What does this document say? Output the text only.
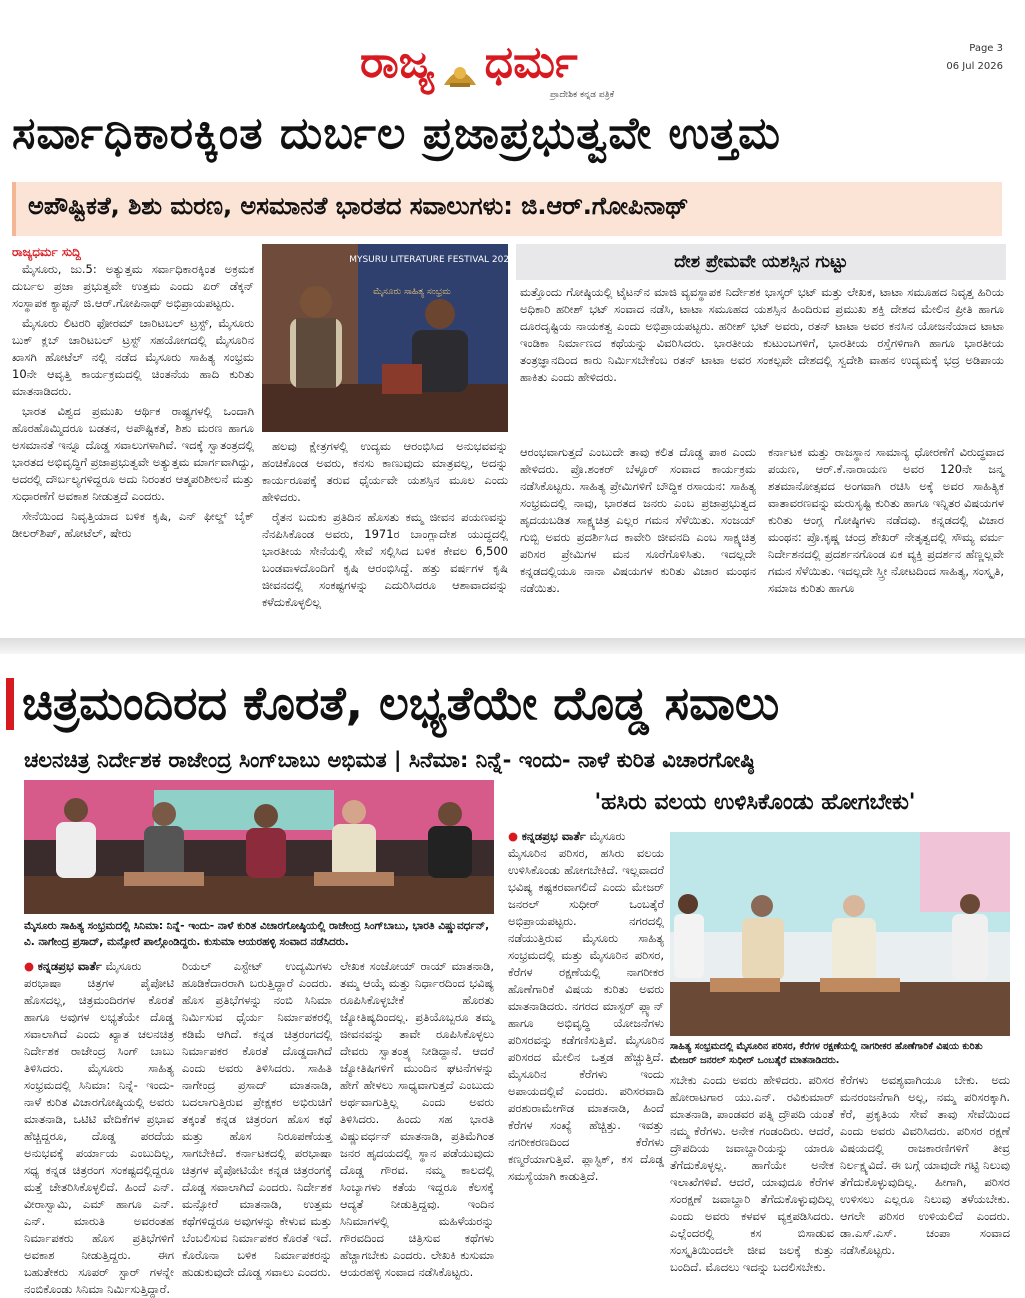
ರಾಜ್ಯ ಧರ್ಮ
ಪ್ರಾದೇಶಿಕ ಕನ್ನಡ ಪತ್ರಿಕೆ
Page 3
06 Jul 2026
ಸರ್ವಾಧಿಕಾರಕ್ಕಿಂತ ದುರ್ಬಲ ಪ್ರಜಾಪ್ರಭುತ್ವವೇ ಉತ್ತಮ
ಅಪೌಷ್ಟಿಕತೆ, ಶಿಶು ಮರಣ, ಅಸಮಾನತೆ ಭಾರತದ ಸವಾಲುಗಳು: ಜಿ.ಆರ್.ಗೋಪಿನಾಥ್
ರಾಜ್ಯಧರ್ಮ ಸುದ್ದಿ

ಮೈಸೂರು, ಜು.5: ಅತ್ಯುತ್ತಮ ಸರ್ವಾಧಿಕಾರಕ್ಕಿಂತ ಅಕ್ರಮಕ ದುರ್ಬಲ ಪ್ರಜಾ ಪ್ರಭುತ್ವವೇ ಉತ್ತಮ ಎಂದು ಏರ್ ಡೆಕ್ಕನ್ ಸಂಸ್ಥಾಪಕ ಕ್ಯಾಪ್ಟನ್ ಜಿ.ಆರ್.ಗೋಪಿನಾಥ್ ಅಭಿಪ್ರಾಯಪಟ್ಟರು.

ಮೈಸೂರು ಲಿಟರರಿ ಫೋರಮ್ ಚಾರಿಟಬಲ್ ಟ್ರಸ್ಟ್, ಮೈಸೂರು ಬುಕ್ ಕ್ಲಬ್ ಚಾರಿಟಬಲ್ ಟ್ರಸ್ಟ್ ಸಹಯೋಗದಲ್ಲಿ ಮೈಸೂರಿನ ಖಾಸಗಿ ಹೋಟೆಲ್ ನಲ್ಲಿ ನಡೆದ ಮೈಸೂರು ಸಾಹಿತ್ಯ ಸಂಭ್ರಮ 10ನೇ ಆವೃತ್ತಿ ಕಾರ್ಯಕ್ರಮದಲ್ಲಿ ಚಿಂತನೆಯ ಹಾದಿ ಕುರಿತು ಮಾತನಾಡಿದರು.

ಭಾರತ ವಿಶ್ವದ ಪ್ರಮುಖ ಆರ್ಥಿಕ ರಾಷ್ಟ್ರಗಳಲ್ಲಿ ಒಂದಾಗಿ ಹೊರಹೊಮ್ಮಿದರೂ ಬಡತನ, ಅಪೌಷ್ಟಿಕತೆ, ಶಿಶು ಮರಣ ಹಾಗೂ ಅಸಮಾನತೆ ಇನ್ನೂ ದೊಡ್ಡ ಸವಾಲುಗಳಾಗಿವೆ. ಇದಕ್ಕೆ ಸ್ವಾತಂತ್ರದಲ್ಲಿ ಭಾರತದ ಅಭಿವೃದ್ಧಿಗೆ ಪ್ರಜಾಪ್ರಭುತ್ವವೇ ಅತ್ಯುತ್ತಮ ಮಾರ್ಗವಾಗಿದ್ದು, ಅದರಲ್ಲಿ ದೌರ್ಬಲ್ಯಗಳಿದ್ದರೂ ಅದು ನಿರಂತರ ಆತ್ಮಪರಿಶೀಲನೆ ಮತ್ತು ಸುಧಾರಣೆಗೆ ಅವಕಾಶ ನೀಡುತ್ತದೆ ಎಂದರು.

ಸೇನೆಯಿಂದ ನಿವೃತ್ತಿಯಾದ ಬಳಿಕ ಕೃಷಿ, ಎನ್ ಫೀಲ್ಡ್ ಬೈಕ್ ಡೀಲರ್‌ಶಿಪ್, ಹೋಟೆಲ್, ಷೇರು

MYSURU LITERATURE FESTIVAL 2026
ಮೈಸೂರು ಸಾಹಿತ್ಯ ಸಂಭ್ರಮ

ಹಲವು ಕ್ಷೇತ್ರಗಳಲ್ಲಿ ಉದ್ಯಮ ಆರಂಭಿಸಿದ ಅನುಭವವನ್ನು ಹಂಚಿಕೊಂಡ ಅವರು, ಕನಸು ಕಾಣುವುದು ಮಾತ್ರವಲ್ಲ, ಅದನ್ನು ಕಾರ್ಯರೂಪಕ್ಕೆ ತರುವ ಧೈರ್ಯವೇ ಯಶಸ್ಸಿನ ಮೂಲ ಎಂದು ಹೇಳಿದರು.

ರೈತನ ಬದುಕು ಪ್ರತಿದಿನ ಹೊಸತು ಕಮ್ಮ ಜೀವನ ಪಯಣವನ್ನು ನೆನಪಿಸಿಕೊಂಡ ಅವರು, 1971ರ ಬಾಂಗ್ಲಾದೇಶ ಯುದ್ಧದಲ್ಲಿ ಭಾರತೀಯ ಸೇನೆಯಲ್ಲಿ ಸೇವೆ ಸಲ್ಲಿಸಿದ ಬಳಿಕ ಕೇವಲ 6,500 ಬಂಡವಾಳದೊಂದಿಗೆ ಕೃಷಿ ಆರಂಭಿಸಿದ್ದೆ. ಹತ್ತು ವರ್ಷಗಳ ಕೃಷಿ ಜೀವನದಲ್ಲಿ ಸಂಕಷ್ಟಗಳನ್ನು ಎದುರಿಸಿದರೂ ಆಶಾವಾದವನ್ನು ಕಳೆದುಕೊಳ್ಳಲಿಲ್ಲ

ದೇಶ ಪ್ರೇಮವೇ ಯಶಸ್ಸಿನ ಗುಟ್ಟು

ಮತ್ತೊಂದು ಗೋಷ್ಠಿಯಲ್ಲಿ ಟೈಟನ್‌ನ ಮಾಜಿ ವ್ಯವಸ್ಥಾಪಕ ನಿರ್ದೇಶಕ ಭಾಸ್ಕರ್ ಭಟ್ ಮತ್ತು ಲೇಖಕ, ಟಾಟಾ ಸಮೂಹದ ನಿವೃತ್ತ ಹಿರಿಯ ಅಧಿಕಾರಿ ಹರೀಶ್ ಭಟ್ ಸಂವಾದ ನಡೆಸಿ, ಟಾಟಾ ಸಮೂಹದ ಯಶಸ್ಸಿನ ಹಿಂದಿರುವ ಪ್ರಮುಖ ಶಕ್ತಿ ದೇಶದ ಮೇಲಿನ ಪ್ರೀತಿ ಹಾಗೂ ದೂರದೃಷ್ಟಿಯ ನಾಯಕತ್ವ ಎಂದು ಅಭಿಪ್ರಾಯಪಟ್ಟರು. ಹರೀಶ್ ಭಟ್ ಅವರು, ರತನ್ ಟಾಟಾ ಅವರ ಕನಸಿನ ಯೋಜನೆಯಾದ ಟಾಟಾ ಇಂಡಿಕಾ ನಿರ್ಮಾಣದ ಕಥೆಯನ್ನು ವಿವರಿಸಿದರು. ಭಾರತೀಯ ಕುಟುಂಬಗಳಿಗೆ, ಭಾರತೀಯ ರಸ್ತೆಗಳಿಗಾಗಿ ಹಾಗೂ ಭಾರತೀಯ ತಂತ್ರಜ್ಞಾನದಿಂದ ಕಾರು ನಿರ್ಮಿಸಬೇಕೆಂಬ ರತನ್ ಟಾಟಾ ಅವರ ಸಂಕಲ್ಪವೇ ದೇಶದಲ್ಲಿ ಸ್ವದೇಶಿ ವಾಹನ ಉದ್ಯಮಕ್ಕೆ ಭದ್ರ ಅಡಿಪಾಯ ಹಾಕಿತು ಎಂದು ಹೇಳಿದರು.

ಆರಂಭವಾಗುತ್ತದೆ ಎಂಬುದೇ ತಾವು ಕಲಿತ ದೊಡ್ಡ ಪಾಠ ಎಂದು ಹೇಳಿದರು. ಪ್ರೊ.ಶಂಕರ್ ಬೆಳ್ಳೂರ್ ಸಂವಾದ ಕಾರ್ಯಕ್ರಮ ನಡೆಸಿಕೊಟ್ಟರು. ಸಾಹಿತ್ಯ ಪ್ರೇಮಿಗಳಿಗೆ ಬೌದ್ಧಿಕ ರಸಾಯನ: ಸಾಹಿತ್ಯ ಸಂಭ್ರಮದಲ್ಲಿ ನಾವು, ಭಾರತದ ಜನರು ಎಂಬ ಪ್ರಜಾಪ್ರಭುತ್ವದ ಹೃದಯಬಡಿತ ಸಾಕ್ಷ್ಯಚಿತ್ರ ಎಲ್ಲರ ಗಮನ ಸೆಳೆಯಿತು. ಸಂಜಯ್ ಗುಬ್ಬಿ ಅವರು ಪ್ರದರ್ಶಿಸಿದ ಕಾವೇರಿ ಜೀವನದಿ ಎಂಬ ಸಾಕ್ಷ್ಯಚಿತ್ರ ಪರಿಸರ ಪ್ರೇಮಿಗಳ ಮನ ಸೂರೆಗೊಳಿಸಿತು. ಇದಲ್ಲದೇ ಕನ್ನಡದಲ್ಲಿಯೂ ನಾನಾ ವಿಷಯಗಳ ಕುರಿತು ವಿಚಾರ ಮಂಥನ ನಡೆಯಿತು.

ಕರ್ನಾಟಕ ಮತ್ತು ರಾಜಸ್ಥಾನ ಸಾಮಾನ್ಯ ಧೋರಣೆಗೆ ವಿರುದ್ಧವಾದ ಪಯಣ, ಆರ್.ಕೆ.ನಾರಾಯಣ ಅವರ 120ನೇ ಜನ್ಮ ಶತಮಾನೋತ್ಸವದ ಅಂಗವಾಗಿ ರಚಿಸಿ ಅಕ್ಕೆ ಅವರ ಸಾಹಿತ್ಯಿಕ ವಾತಾವರಣವನ್ನು ಮರುಸೃಷ್ಟಿ ಕುರಿತು ಹಾಗೂ ಇನ್ನಿತರ ವಿಷಯಗಳ ಕುರಿತು ಆಂಗ್ಲ ಗೋಷ್ಠಿಗಳು ನಡೆದವು. ಕನ್ನಡದಲ್ಲಿ ವಿಚಾರ ಮಂಥನ: ಪ್ರೊ.ಕೃಷ್ಣ ಚಂದ್ರ ಶೇಖರ್ ನೇತೃತ್ವದಲ್ಲಿ ಸೌಮ್ಯ ವರ್ಮ ನಿರ್ದೇಶನದಲ್ಲಿ ಪ್ರದರ್ಶನಗೊಂಡ ಏಕ ವ್ಯಕ್ತಿ ಪ್ರದರ್ಶನ ಹೆಣ್ಣಲ್ಲವೇ ಗಮನ ಸೆಳೆಯಿತು. ಇದಲ್ಲದೇ ಸ್ತ್ರೀ ನೋಟದಿಂದ ಸಾಹಿತ್ಯ, ಸಂಸ್ಕೃತಿ, ಸಮಾಜ ಕುರಿತು ಹಾಗೂ

ಚಿತ್ರಮಂದಿರದ ಕೊರತೆ, ಲಭ್ಯತೆಯೇ ದೊಡ್ಡ ಸವಾಲು
ಚಲನಚಿತ್ರ ನಿರ್ದೇಶಕ ರಾಜೇಂದ್ರ ಸಿಂಗ್‌ಬಾಬು ಅಭಿಮತ | ಸಿನೆಮಾ: ನಿನ್ನೆ- ಇಂದು- ನಾಳೆ ಕುರಿತ ವಿಚಾರಗೋಷ್ಠಿ
ಮೈಸೂರು ಸಾಹಿತ್ಯ ಸಂಭ್ರಮದಲ್ಲಿ ಸಿನಿಮಾ: ನಿನ್ನೆ- ಇಂದು- ನಾಳೆ ಕುರಿತ ವಿಚಾರಗೋಷ್ಠಿಯಲ್ಲಿ ರಾಜೇಂದ್ರ ಸಿಂಗ್‌ಬಾಬು, ಭಾರತಿ ವಿಷ್ಣುವರ್ಧನ್, ವಿ. ನಾಗೇಂದ್ರ ಪ್ರಸಾದ್, ಮನ್ಸೋರೆ ಪಾಲ್ಗೊಂಡಿದ್ದರು. ಕುಸುಮಾ ಆಯರಹಳ್ಳಿ ಸಂವಾದ ನಡೆಸಿದರು.
● ಕನ್ನಡಪ್ರಭ ವಾರ್ತೆ ಮೈಸೂರು

ಪರಭಾಷಾ ಚಿತ್ರಗಳ ಪೈಪೋಟಿ ಹೊಸದಲ್ಲ, ಚಿತ್ರಮಂದಿರಗಳ ಕೊರತೆ ಹಾಗೂ ಅವುಗಳ ಲಭ್ಯತೆಯೇ ದೊಡ್ಡ ಸವಾಲಾಗಿದೆ ಎಂದು ಖ್ಯಾತ ಚಲನಚಿತ್ರ ನಿರ್ದೇಶಕ ರಾಜೇಂದ್ರ ಸಿಂಗ್ ಬಾಬು ತಿಳಿಸಿದರು. ಮೈಸೂರು ಸಾಹಿತ್ಯ ಸಂಭ್ರಮದಲ್ಲಿ ಸಿನಿಮಾ: ನಿನ್ನೆ- ಇಂದು- ನಾಳೆ ಕುರಿತ ವಿಚಾರಗೋಷ್ಠಿಯಲ್ಲಿ ಅವರು ಮಾತನಾಡಿ, ಒಟಿಟಿ ವೇದಿಕೆಗಳ ಪ್ರಭಾವ ಹೆಚ್ಚಿದ್ದರೂ, ದೊಡ್ಡ ಪರದೆಯ ಅನುಭವಕ್ಕೆ ಪರ್ಯಾಯ ಎಂಬುದಿಲ್ಲ, ಸಧ್ಯ ಕನ್ನಡ ಚಿತ್ರರಂಗ ಸಂಕಷ್ಟದಲ್ಲಿದ್ದರೂ ಮತ್ತೆ ಚೇತರಿಸಿಕೊಳ್ಳಲಿದೆ. ಹಿಂದೆ ಎನ್. ವೀರಾಸ್ವಾಮಿ, ಎಮ್ ಹಾಗೂ ಎನ್. ಎನ್. ಮಾರುತಿ ಅವರಂತಹ ನಿರ್ಮಾಪಕರು ಹೊಸ ಪ್ರತಿಭೆಗಳಿಗೆ ಅವಕಾಶ ನೀಡುತ್ತಿದ್ದರು. ಈಗ ಬಹುತೇಕರು ಸೂಪರ್ ಸ್ಟಾರ್ ಗಳನ್ನೇ ನಂಬಿಕೊಂಡು ಸಿನಿಮಾ ನಿರ್ಮಿಸುತ್ತಿದ್ದಾರೆ.

ರಿಯಲ್ ಎಸ್ಟೇಟ್ ಉದ್ಯಮಿಗಳು ಹೂಡಿಕೆದಾರರಾಗಿ ಬರುತ್ತಿದ್ದಾರೆ ಎಂದರು. ಹೊಸ ಪ್ರತಿಭೆಗಳನ್ನು ನಂಬಿ ಸಿನಿಮಾ ನಿರ್ಮಿಸುವ ಧೈರ್ಯ ನಿರ್ಮಾಪಕರಲ್ಲಿ ಕಡಿಮೆ ಆಗಿದೆ. ಕನ್ನಡ ಚಿತ್ರರಂಗದಲ್ಲಿ ನಿರ್ಮಾಪಕರ ಕೊರತೆ ದೊಡ್ಡದಾಗಿದೆ ಎಂದು ಅವರು ತಿಳಿಸಿದರು. ಸಾಹಿತಿ ನಾಗೇಂದ್ರ ಪ್ರಸಾದ್ ಮಾತನಾಡಿ, ಬದಲಾಗುತ್ತಿರುವ ಪ್ರೇಕ್ಷಕರ ಅಭಿರುಚಿಗೆ ತಕ್ಕಂತೆ ಕನ್ನಡ ಚಿತ್ರರಂಗ ಹೊಸ ಕಥೆ ಮತ್ತು ಹೊಸ ನಿರೂಪಣೆಯತ್ತ ಸಾಗಬೇಕಿದೆ. ಕರ್ನಾಟಕದಲ್ಲಿ ಪರಭಾಷಾ ಚಿತ್ರಗಳ ಪೈಪೋಟಿಯೇ ಕನ್ನಡ ಚಿತ್ರರಂಗಕ್ಕೆ ದೊಡ್ಡ ಸವಾಲಾಗಿದೆ ಎಂದರು. ನಿರ್ದೇಶಕ ಮನ್ಸೋರೆ ಮಾತನಾಡಿ, ಉತ್ತಮ ಕಥೆಗಳಿದ್ದರೂ ಅವುಗಳನ್ನು ಕೇಳುವ ಮತ್ತು ಬೆಂಬಲಿಸುವ ನಿರ್ಮಾಪಕರ ಕೊರತೆ ಇದೆ. ಕೊರೊನಾ ಬಳಿಕ ನಿರ್ಮಾಪಕರನ್ನು ಹುಡುಕುವುದೇ ದೊಡ್ಡ ಸವಾಲು ಎಂದರು.

ಲೇಖಕ ಸಂಜೋಯ್ ರಾಯ್ ಮಾತನಾಡಿ, ತಮ್ಮ ಆಯ್ಕೆ ಮತ್ತು ನಿರ್ಧಾರದಿಂದ ಭವಿಷ್ಯ ರೂಪಿಸಿಕೊಳ್ಳಬೇಕೆ ಹೊರತು ಜ್ಯೋತಿಷ್ಯದಿಂದಲ್ಲ. ಪ್ರತಿಯೊಬ್ಬರೂ ತಮ್ಮ ಜೀವನವನ್ನು ತಾವೇ ರೂಪಿಸಿಕೊಳ್ಳಲು ದೇವರು ಸ್ವಾತಂತ್ರ್ಯ ನೀಡಿದ್ದಾನೆ. ಆದರೆ ಜ್ಯೋತಿಷಿಗಳಿಗೆ ಮುಂದಿನ ಘಟನೆಗಳನ್ನು ಹೇಗೆ ಹೇಳಲು ಸಾಧ್ಯವಾಗುತ್ತದೆ ಎಂಬುದು ಅರ್ಥವಾಗುತ್ತಿಲ್ಲ ಎಂದು ಅವರು ತಿಳಿಸಿದರು. ಹಿಂದು ಸಹ ಭಾರತಿ ವಿಷ್ಣುವರ್ಧನ್ ಮಾತನಾಡಿ, ಪ್ರತಿಮೆಗಿಂತ ಜನರ ಹೃದಯದಲ್ಲಿ ಸ್ಥಾನ ಪಡೆಯುವುದು ದೊಡ್ಡ ಗೌರವ. ನಮ್ಮ ಕಾಲದಲ್ಲಿ ಸಿಂಬ್ಯಾಗಳು ಕತೆಯ ಇದ್ದರೂ ಕೆಲಸಕ್ಕೆ ಆದ್ಯತೆ ನೀಡುತ್ತಿದ್ದವು. ಇಂದಿನ ಸಿನಿಮಾಗಳಲ್ಲಿ ಮಹಿಳೆಯರನ್ನು ಗೌರವದಿಂದ ಚಿತ್ರಿಸುವ ಕಥೆಗಳು ಹೆಚ್ಚಾಗಬೇಕು ಎಂದರು. ಲೇಖಕಿ ಕುಸುಮಾ ಆಯರಹಳ್ಳಿ ಸಂವಾದ ನಡೆಸಿಕೊಟ್ಟರು.

'ಹಸಿರು ವಲಯ ಉಳಿಸಿಕೊಂಡು ಹೋಗಬೇಕು'
● ಕನ್ನಡಪ್ರಭ ವಾರ್ತೆ ಮೈಸೂರು

ಮೈಸೂರಿನ ಪರಿಸರ, ಹಸಿರು ವಲಯ ಉಳಿಸಿಕೊಂಡು ಹೋಗಬೇಕಿದೆ. ಇಲ್ಲವಾದರೆ ಭವಿಷ್ಯ ಕಷ್ಟಕರವಾಗಲಿದೆ ಎಂದು ಮೇಜರ್ ಜನರಲ್ ಸುಧೀರ್ ಒಂಬತ್ಕೆರೆ ಅಭಿಪ್ರಾಯಪಟ್ಟರು. ನಗರದಲ್ಲಿ ನಡೆಯುತ್ತಿರುವ ಮೈಸೂರು ಸಾಹಿತ್ಯ ಸಂಭ್ರಮದಲ್ಲಿ ಮತ್ತು ಮೈಸೂರಿನ ಪರಿಸರ, ಕೆರೆಗಳ ರಕ್ಷಣೆಯಲ್ಲಿ ನಾಗರೀಕರ ಹೊಣೆಗಾರಿಕೆ ವಿಷಯ ಕುರಿತು ಅವರು ಮಾತನಾಡಿದರು. ನಗರದ ಮಾಸ್ಟರ್ ಪ್ಲ್ಯಾನ್ ಹಾಗೂ ಅಭಿವೃದ್ಧಿ ಯೋಜನೆಗಳು ಪರಿಸರವನ್ನು ಕಡೆಗಣಿಸುತ್ತಿವೆ. ಮೈಸೂರಿನ ಪರಿಸರದ ಮೇಲಿನ ಒತ್ತಡ ಹೆಚ್ಚುತ್ತಿದೆ. ಮೈಸೂರಿನ ಕೆರೆಗಳು ಇಂದು ಅಪಾಯದಲ್ಲಿವೆ ಎಂದರು. ಪರಿಸರವಾದಿ ಪರಶುರಾಮೇಗೌಡ ಮಾತನಾಡಿ, ಹಿಂದೆ ಕೆರೆಗಳ ಸಂಖ್ಯೆ ಹೆಚ್ಚಿತ್ತು. ಇವತ್ತು ನಗರೀಕರಣದಿಂದ ಕೆರೆಗಳು ಕಣ್ಮರೆಯಾಗುತ್ತಿವೆ. ಪ್ಲಾಸ್ಟಿಕ್, ಕಸ ದೊಡ್ಡ ಸಮಸ್ಯೆಯಾಗಿ ಕಾಡುತ್ತಿದೆ.

ಸಾಹಿತ್ಯ ಸಂಭ್ರಮದಲ್ಲಿ ಮೈಸೂರಿನ ಪರಿಸರ, ಕೆರೆಗಳ ರಕ್ಷಣೆಯಲ್ಲಿ ನಾಗರೀಕರ ಹೊಣೆಗಾರಿಕೆ ವಿಷಯ ಕುರಿತು ಮೇಜರ್ ಜನರಲ್ ಸುಧೀರ್ ಒಂಬತ್ಕೆರೆ ಮಾತನಾಡಿದರು.

ಸಬೇಕು ಎಂದು ಅವರು ಹೇಳಿದರು. ಪರಿಸರ ಹೋರಾಟಗಾರ ಯು.ಎನ್. ರವಿಕುಮಾರ್ ಮಾತನಾಡಿ, ಪಾಂಡವರ ಪತ್ನಿ ದ್ರೌಪದಿ ಯಂತೆ ನಮ್ಮ ಕೆರೆಗಳು. ಅನೇಕ ಗಂಡಂದಿರು. ಆದರೆ, ದ್ರೌಪದಿಯ ಜವಾಬ್ದಾರಿಯನ್ನು ಯಾರೂ ತೆಗೆದುಕೊಳ್ಳಲ್ಲ. ಹಾಗೆಯೇ ಅನೇಕ ಇಲಾಖೆಗಳಿವೆ. ಆದರೆ, ಯಾವುದೂ ಕೆರೆಗಳ ಸಂರಕ್ಷಣೆ ಜವಾಬ್ದಾರಿ ತೆಗೆದುಕೊಳ್ಳುವುದಿಲ್ಲ ಎಂದು ಅವರು ಕಳವಳ ವ್ಯಕ್ತಪಡಿಸಿದರು. ಎಲ್ಲೆಂದರಲ್ಲಿ ಕಸ ಬಿಸಾಡುವ ಸಂಸ್ಕೃತಿಯಿಂದಲೇ ಜೀವ ಜಲಕ್ಕೆ ಕುತ್ತು ಬಂದಿದೆ. ಮೊದಲು ಇದನ್ನು ಬದಲಿಸಬೇಕು.

ಕೆರೆಗಳು ಅವಶ್ಯವಾಗಿಯೂ ಬೇಕು. ಅದು ಮನರಂಜನೆಗಾಗಿ ಅಲ್ಲ, ನಮ್ಮ ಪರಿಸರಕ್ಕಾಗಿ. ಕೆರೆ, ಪ್ರಕೃತಿಯ ಸೇವೆ ತಾವು ಸೇವೆಯಿಂದ ಎಂದು ಅವರು ವಿವರಿಸಿದರು. ಪರಿಸರ ರಕ್ಷಣೆ ವಿಷಯದಲ್ಲಿ ರಾಜಕಾರಣಿಗಳಿಗೆ ತೀವ್ರ ನಿರ್ಲಕ್ಷ್ಯವಿದೆ. ಈ ಬಗ್ಗೆ ಯಾವುದೇ ಗಟ್ಟಿ ನಿಲುವು ತೆಗೆದುಕೊಳ್ಳುವುದಿಲ್ಲ. ಹೀಗಾಗಿ, ಪರಿಸರ ಉಳಿಸಲು ಎಲ್ಲರೂ ನಿಲುವು ತಳೆಯಬೇಕು. ಆಗಲೇ ಪರಿಸರ ಉಳಿಯಲಿದೆ ಎಂದರು. ಡಾ.ಎಸ್.ಎಸ್. ಚಂಪಾ ಸಂವಾದ ನಡೆಸಿಕೊಟ್ಟರು.
